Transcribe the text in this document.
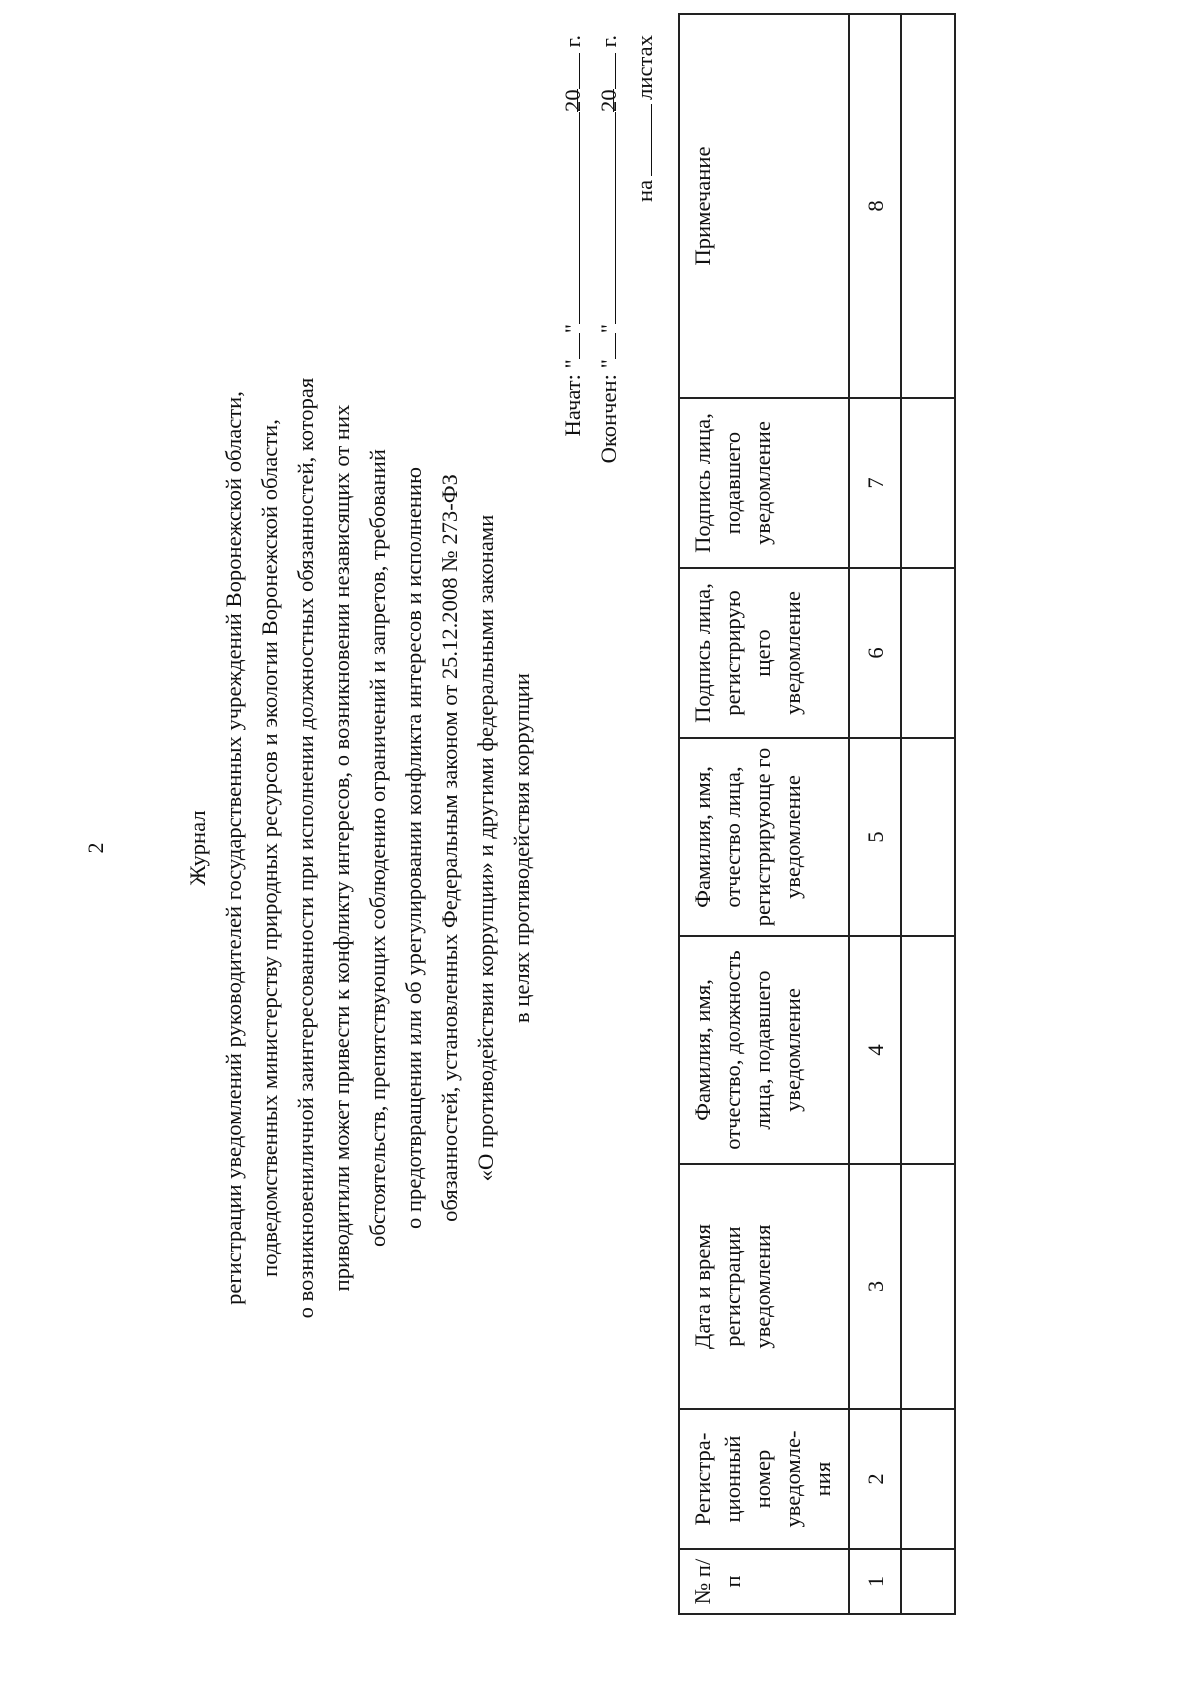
2	Журнал регистрации уведомлений руководителей государственных учреждений Воронежской области, подведомственных министерству природных ресурсов и экологии Воронежской области, о возникновениличной заинтересованности при исполнении должностных обязанностей, которая приводитили может привести к конфликту интересов, о возникновении независящих от них обстоятельств, препятствующих соблюдению ограничений и запретов, требований о предотвращении или об урегулировании конфликта интересов и исполнению обязанностей, установленных Федеральным законом от 25.12.2008 № 273-ФЗ «О противодействии коррупции» и другими федеральными законами в целях противодействия коррупции
Начат: "
"
20
г.
Окончен: "
"
20
г.
на
листах
№ п/п	Регистра- ционный номер уведомле- ния	Дата и время регистрации уведомления	Фамилия, имя, отчество, должность лица, подавшего уведомление	Фамилия, имя, отчество лица, регистрирующе го уведомление	Подпись лица, регистрирую щего уведомление	Подпись лица, подавшего уведомление	Примечание
1	2	3	4	5	6	7	8
